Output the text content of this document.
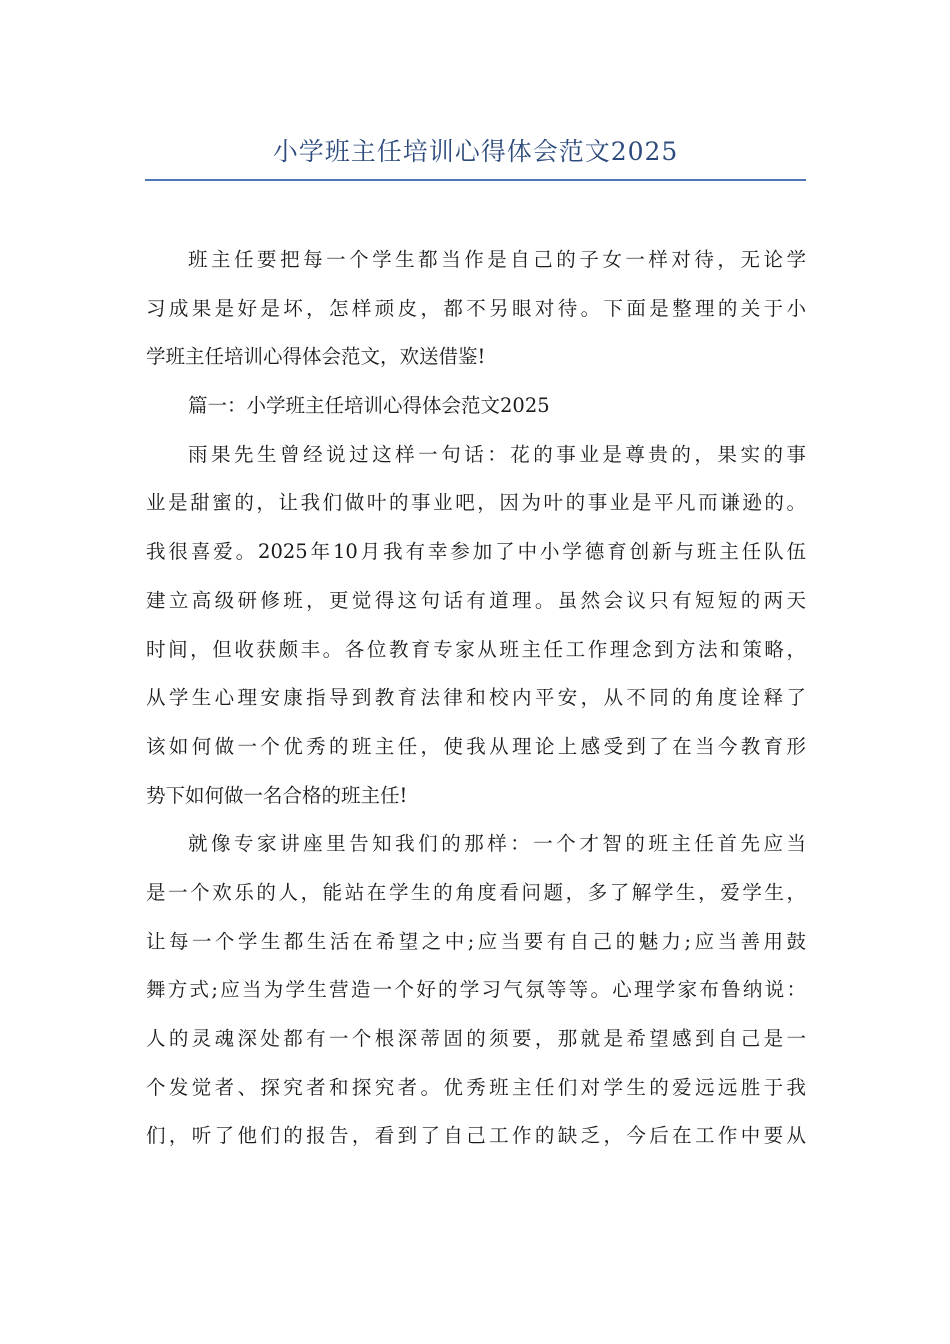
小学班主任培训心得体会范文2025
班主任要把每一个学生都当作是自己的子女一样对待，无论学
习成果是好是坏，怎样顽皮，都不另眼对待。下面是整理的关于小
学班主任培训心得体会范文，欢送借鉴!
篇一：小学班主任培训心得体会范文2025
雨果先生曾经说过这样一句话：花的事业是尊贵的，果实的事
业是甜蜜的，让我们做叶的事业吧，因为叶的事业是平凡而谦逊的。
我很喜爱。2025年10月我有幸参加了中小学德育创新与班主任队伍
建立高级研修班，更觉得这句话有道理。虽然会议只有短短的两天
时间，但收获颇丰。各位教育专家从班主任工作理念到方法和策略，
从学生心理安康指导到教育法律和校内平安，从不同的角度诠释了
该如何做一个优秀的班主任，使我从理论上感受到了在当今教育形
势下如何做一名合格的班主任!
就像专家讲座里告知我们的那样：一个才智的班主任首先应当
是一个欢乐的人，能站在学生的角度看问题，多了解学生，爱学生，
让每一个学生都生活在希望之中;应当要有自己的魅力;应当善用鼓
舞方式;应当为学生营造一个好的学习气氛等等。心理学家布鲁纳说：
人的灵魂深处都有一个根深蒂固的须要，那就是希望感到自己是一
个发觉者、探究者和探究者。优秀班主任们对学生的爱远远胜于我
们，听了他们的报告，看到了自己工作的缺乏，今后在工作中要从
